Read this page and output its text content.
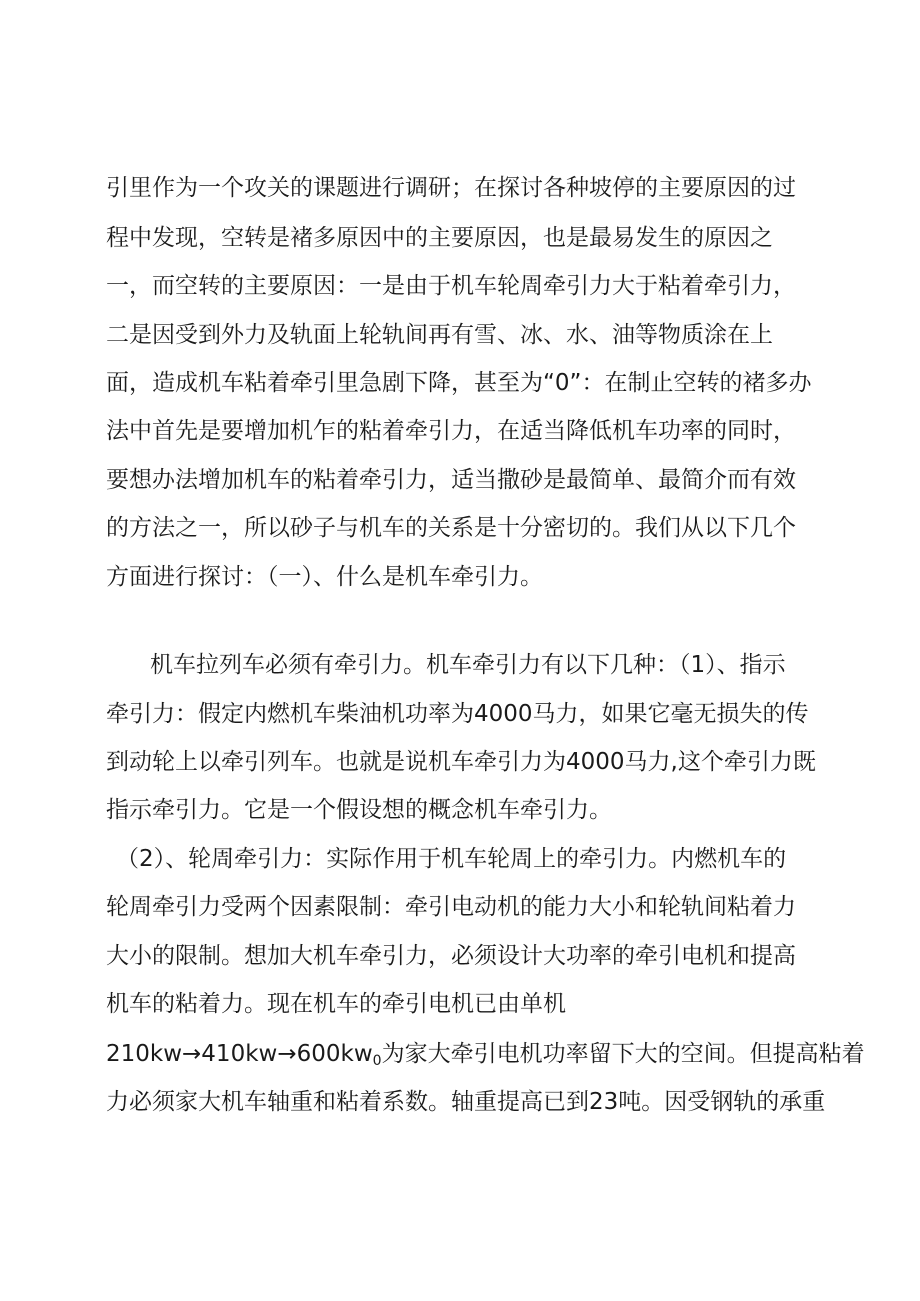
引里作为一个攻关的课题进行调研；在探讨各种坡停的主要原因的过
程中发现，空转是褚多原因中的主要原因，也是最易发生的原因之
一，而空转的主要原因：一是由于机车轮周牵引力大于粘着牵引力，
二是因受到外力及轨面上轮轨间再有雪、冰、水、油等物质涂在上
面，造成机车粘着牵引里急剧下降，甚至为“0”：在制止空转的褚多办
法中首先是要增加机乍的粘着牵引力，在适当降低机车功率的同时，
要想办法增加机车的粘着牵引力，适当撒砂是最简单、最简介而有效
的方法之一，所以砂子与机车的关系是十分密切的。我们从以下几个
方面进行探讨：（一）、什么是机车牵引力。
机车拉列车必须有牵引力。机车牵引力有以下几种：（1）、指示
牵引力：假定内燃机车柴油机功率为4000马力，如果它毫无损失的传
到动轮上以牵引列车。也就是说机车牵引力为4000马力,这个牵引力既
指示牵引力。它是一个假设想的概念机车牵引力。
（2）、轮周牵引力：实际作用于机车轮周上的牵引力。内燃机车的
轮周牵引力受两个因素限制：牵引电动机的能力大小和轮轨间粘着力
大小的限制。想加大机车牵引力，必须设计大功率的牵引电机和提高
机车的粘着力。现在机车的牵引电机已由单机
$210kw\to 410kw\to 600kw_0$为家大牵引电机功率留下大的空间。但提高粘着
力必须家大机车轴重和粘着系数。轴重提高已到23吨。因受钢轨的承重
